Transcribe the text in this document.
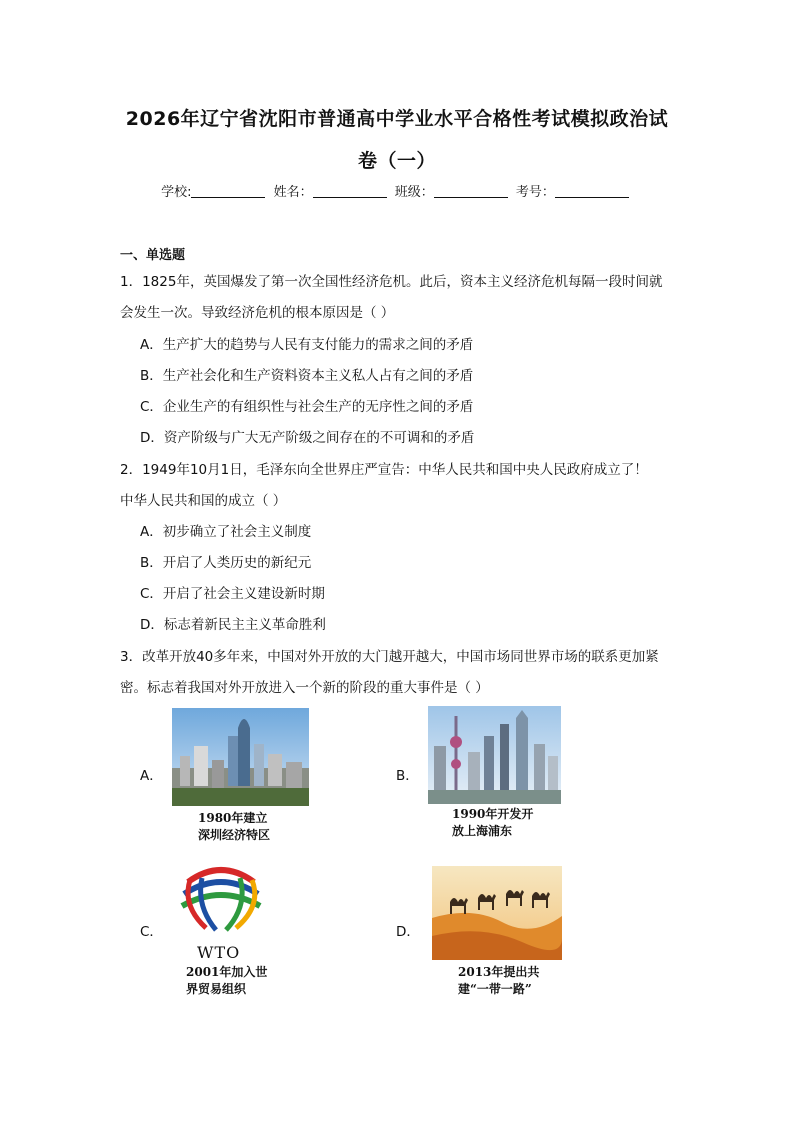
2026年辽宁省沈阳市普通高中学业水平合格性考试模拟政治试
卷（一）
学校:	姓名：	班级：	考号：
一、单选题
1．1825年，英国爆发了第一次全国性经济危机。此后，资本主义经济危机每隔一段时间就
会发生一次。导致经济危机的根本原因是（ ）
A．生产扩大的趋势与人民有支付能力的需求之间的矛盾
B．生产社会化和生产资料资本主义私人占有之间的矛盾
C．企业生产的有组织性与社会生产的无序性之间的矛盾
D．资产阶级与广大无产阶级之间存在的不可调和的矛盾
2．1949年10月1日，毛泽东向全世界庄严宣告：中华人民共和国中央人民政府成立了！
中华人民共和国的成立（ ）
A．初步确立了社会主义制度
B．开启了人类历史的新纪元
C．开启了社会主义建设新时期
D．标志着新民主主义革命胜利
3．改革开放40多年来，中国对外开放的大门越开越大，中国市场同世界市场的联系更加紧
密。标志着我国对外开放进入一个新的阶段的重大事件是（ ）
A．
1980年建立
深圳经济特区
B．
1990年开发开
放上海浦东
C．
WTO
2001年加入世
界贸易组织
D．
2013年提出共
建“一带一路”
